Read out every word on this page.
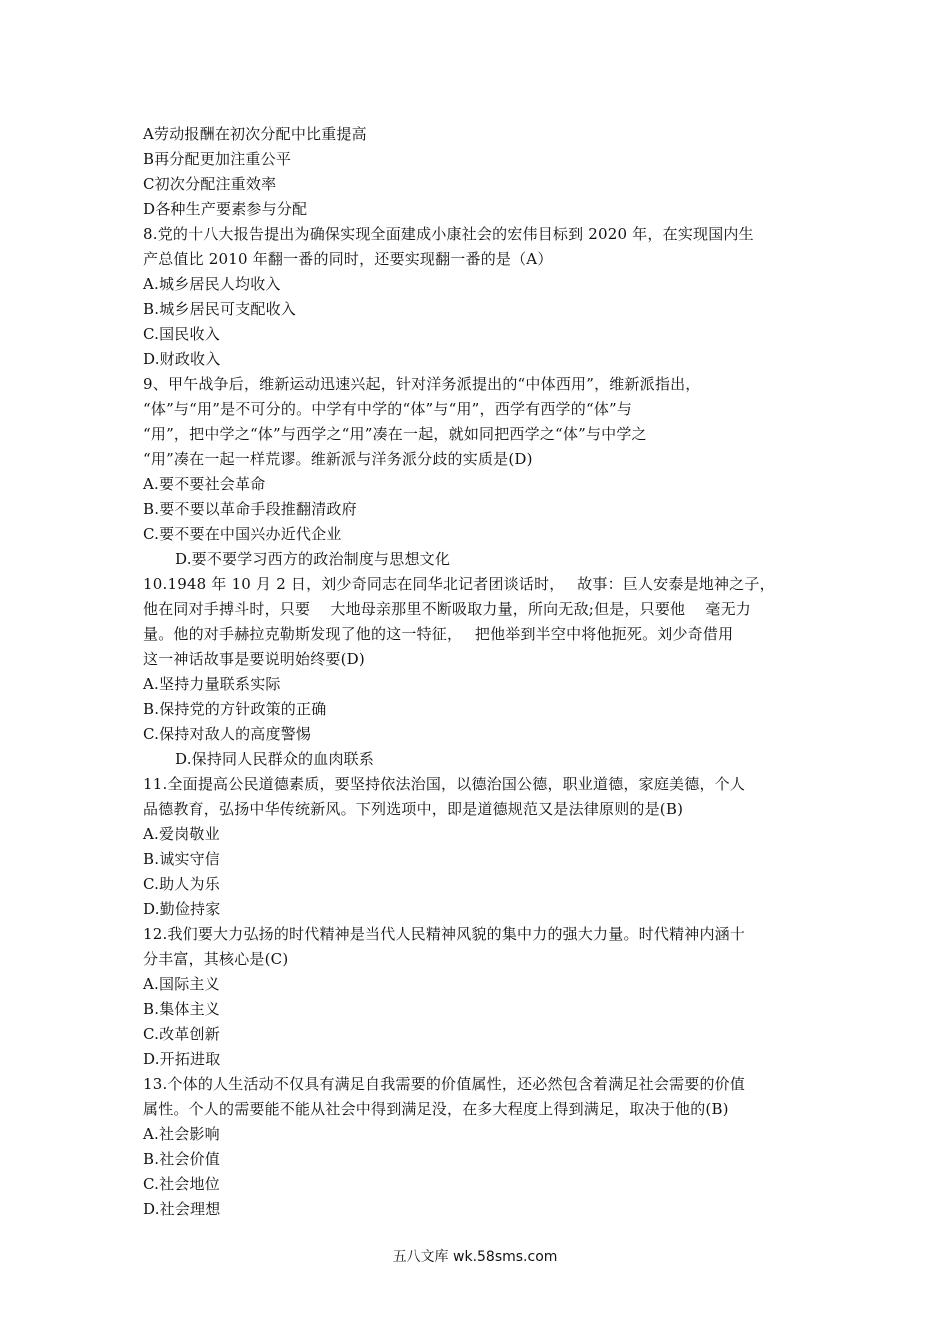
A劳动报酬在初次分配中比重提高
B再分配更加注重公平
C初次分配注重效率
D各种生产要素参与分配
8.党的十八大报告提出为确保实现全面建成小康社会的宏伟目标到 2020 年，在实现国内生
产总值比 2010 年翻一番的同时，还要实现翻一番的是（A）
A.城乡居民人均收入
B.城乡居民可支配收入
C.国民收入
D.财政收入
9、甲午战争后，维新运动迅速兴起，针对洋务派提出的“中体西用”，维新派指出，
“体”与“用”是不可分的。中学有中学的“体”与“用”，西学有西学的“体”与
“用”，把中学之“体”与西学之“用”凑在一起，就如同把西学之“体”与中学之
“用”凑在一起一样荒谬。维新派与洋务派分歧的实质是(D)
A.要不要社会革命
B.要不要以革命手段推翻清政府
C.要不要在中国兴办近代企业
D.要不要学习西方的政治制度与思想文化
10.1948 年 10 月 2 日，刘少奇同志在同华北记者团谈话时，　 故事：巨人安泰是地神之子，
他在同对手搏斗时，只要　 大地母亲那里不断吸取力量，所向无敌;但是，只要他　 毫无力
量。他的对手赫拉克勒斯发现了他的这一特征，　 把他举到半空中将他扼死。刘少奇借用
这一神话故事是要说明始终要(D)
A.坚持力量联系实际
B.保持党的方针政策的正确
C.保持对敌人的高度警惕
D.保持同人民群众的血肉联系
11.全面提高公民道德素质，要坚持依法治国，以德治国公德，职业道德，家庭美德，个人
品德教育，弘扬中华传统新风。下列选项中，即是道德规范又是法律原则的是(B)
A.爱岗敬业
B.诚实守信
C.助人为乐
D.勤俭持家
12.我们要大力弘扬的时代精神是当代人民精神风貌的集中力的强大力量。时代精神内涵十
分丰富，其核心是(C)
A.国际主义
B.集体主义
C.改革创新
D.开拓进取
13.个体的人生活动不仅具有满足自我需要的价值属性，还必然包含着满足社会需要的价值
属性。个人的需要能不能从社会中得到满足没，在多大程度上得到满足，取决于他的(B)
A.社会影响
B.社会价值
C.社会地位
D.社会理想
五八文库 wk.58sms.com
